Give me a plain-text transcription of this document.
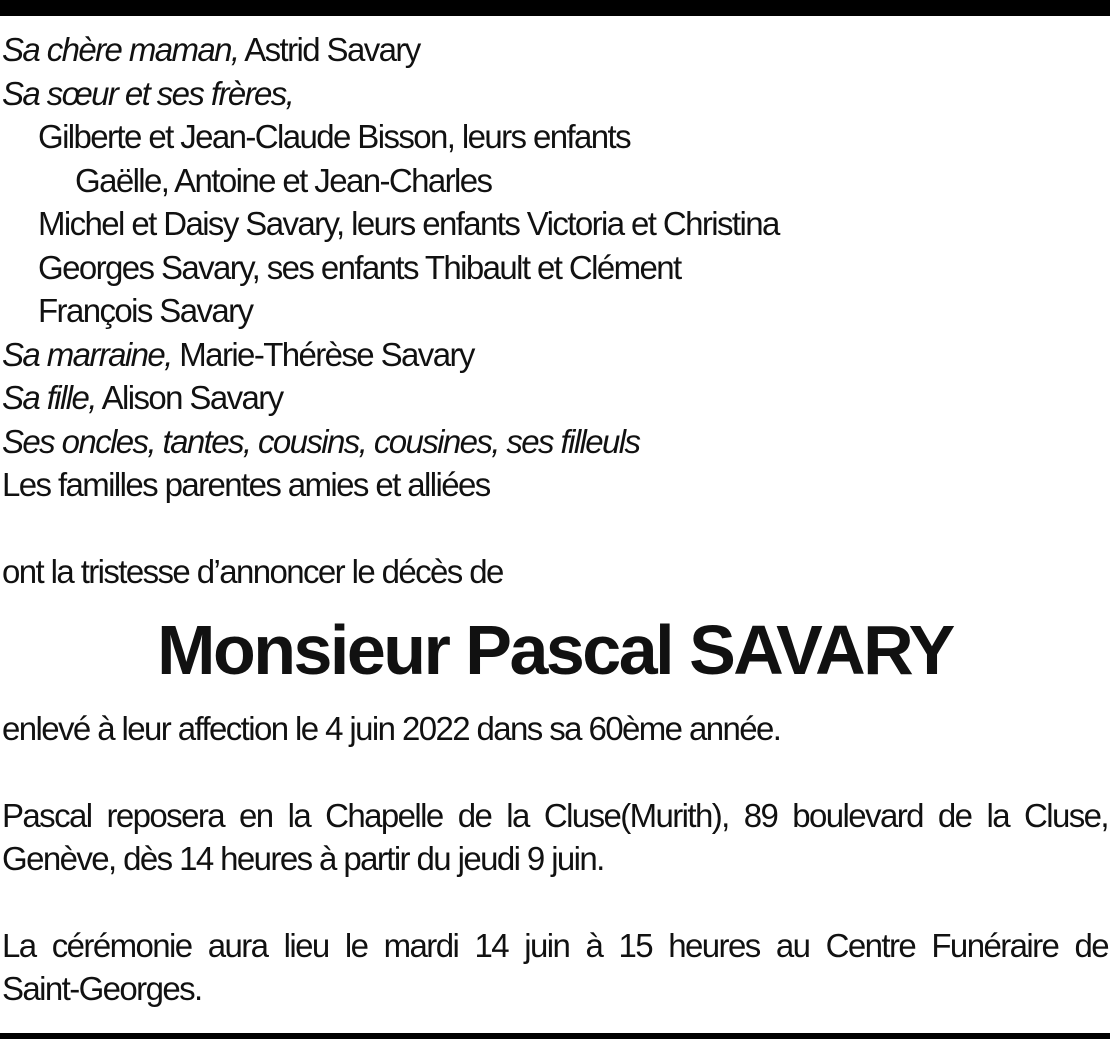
Sa chère maman, Astrid Savary
Sa sœur et ses frères,
Gilberte et Jean-Claude Bisson, leurs enfants
Gaëlle, Antoine et Jean-Charles
Michel et Daisy Savary, leurs enfants Victoria et Christina
Georges Savary, ses enfants Thibault et Clément
François Savary
Sa marraine, Marie-Thérèse Savary
Sa fille, Alison Savary
Ses oncles, tantes, cousins, cousines, ses filleuls
Les familles parentes amies et alliées
ont la tristesse d’annoncer le décès de
Monsieur Pascal SAVARY
enlevé à leur affection le 4 juin 2022 dans sa 60ème année.
Pascal reposera en la Chapelle de la Cluse(Murith), 89 boulevard de la Cluse,
Genève, dès 14 heures à partir du jeudi 9 juin.
La cérémonie aura lieu le mardi 14 juin à 15 heures au Centre Funéraire de
Saint-Georges.
